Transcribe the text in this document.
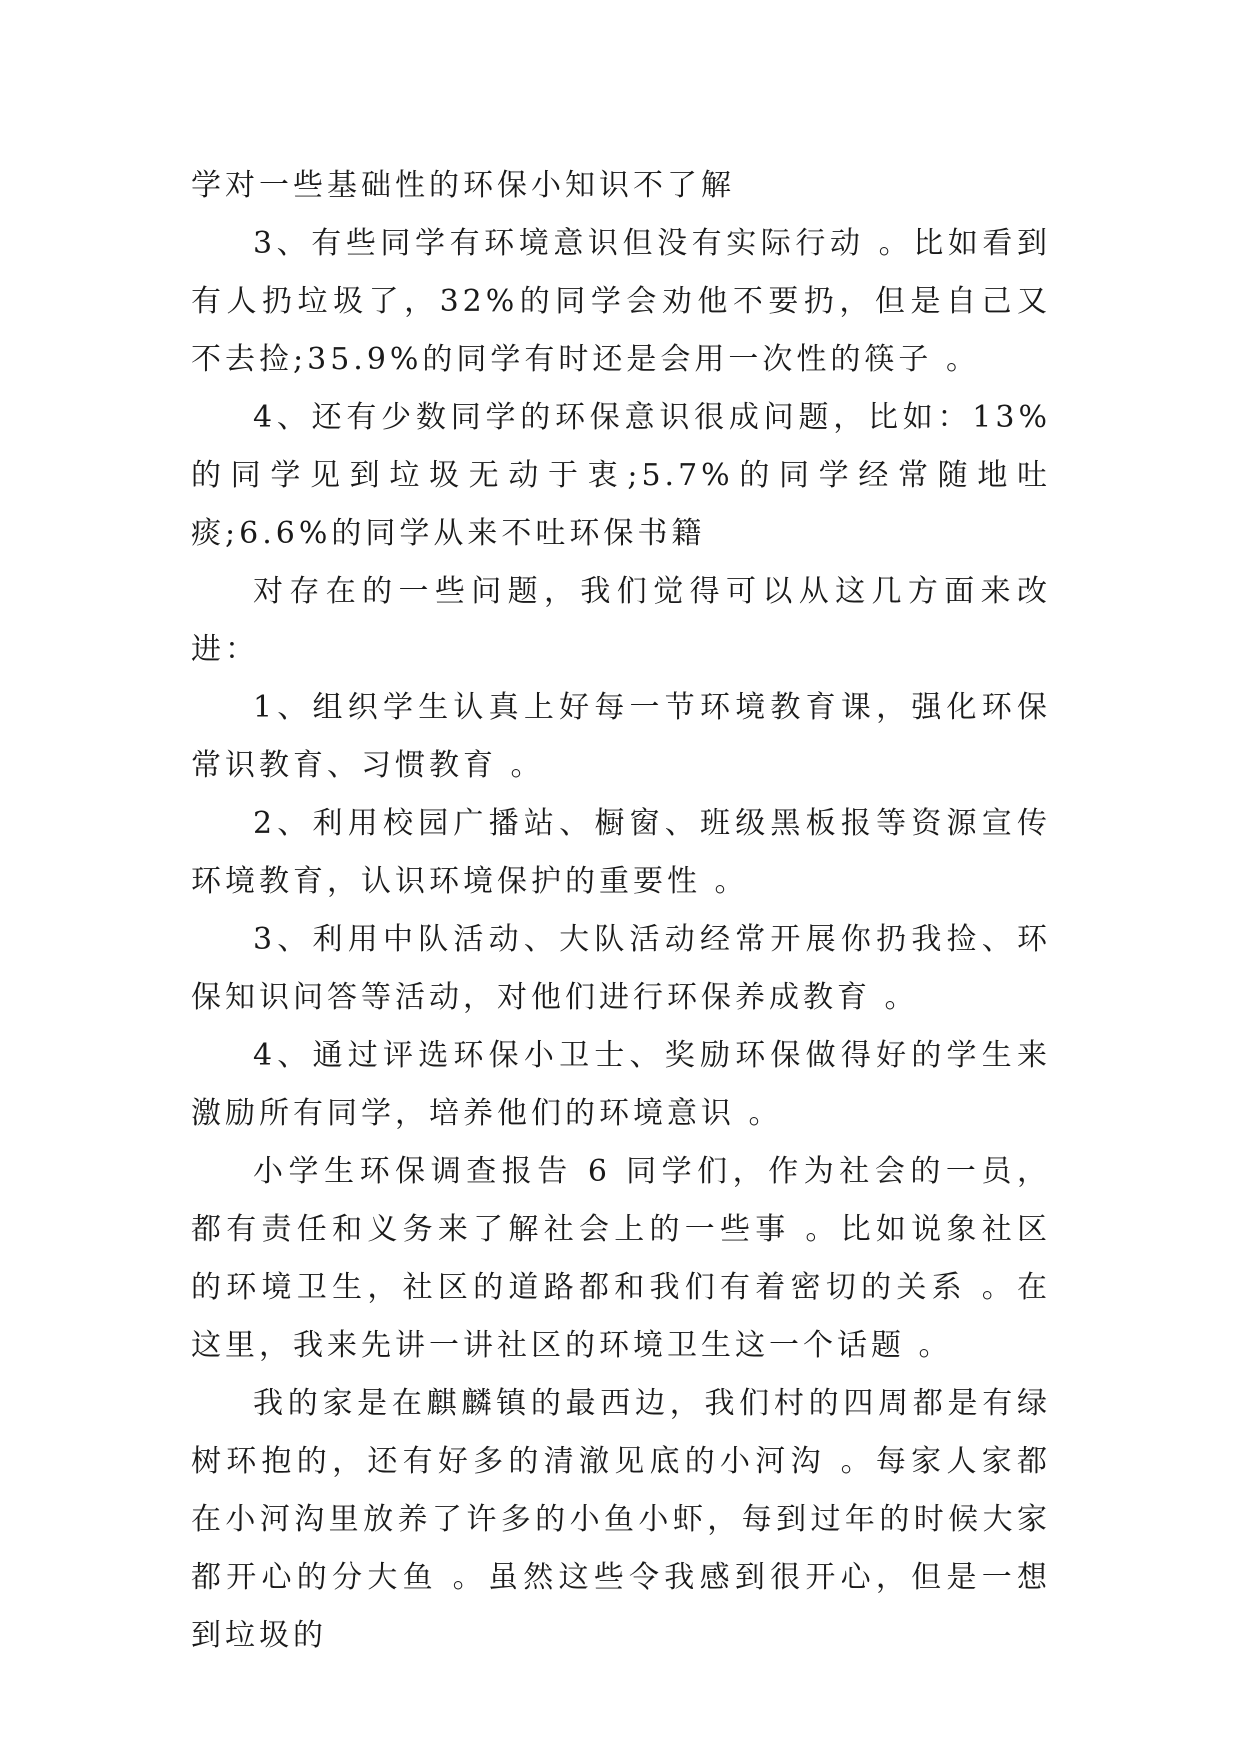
学对一些基础性的环保小知识不了解

3、有些同学有环境意识但没有实际行动 。比如看到有人扔垃圾了，32%的同学会劝他不要扔，但是自己又不去捡;35.9%的同学有时还是会用一次性的筷子 。

4、还有少数同学的环保意识很成问题，比如：13%的同学见到垃圾无动于衷;5.7%的同学经常随地吐痰;6.6%的同学从来不吐环保书籍

对存在的一些问题，我们觉得可以从这几方面来改进：

1、组织学生认真上好每一节环境教育课，强化环保常识教育、习惯教育 。

2、利用校园广播站、橱窗、班级黑板报等资源宣传环境教育，认识环境保护的重要性 。

3、利用中队活动、大队活动经常开展你扔我捡、环保知识问答等活动，对他们进行环保养成教育 。

4、通过评选环保小卫士、奖励环保做得好的学生来激励所有同学，培养他们的环境意识 。

小学生环保调查报告 6 同学们，作为社会的一员，都有责任和义务来了解社会上的一些事 。比如说象社区的环境卫生，社区的道路都和我们有着密切的关系 。在这里，我来先讲一讲社区的环境卫生这一个话题 。

我的家是在麒麟镇的最西边，我们村的四周都是有绿树环抱的，还有好多的清澈见底的小河沟 。每家人家都在小河沟里放养了许多的小鱼小虾，每到过年的时候大家都开心的分大鱼 。虽然这些令我感到很开心，但是一想到垃圾的
